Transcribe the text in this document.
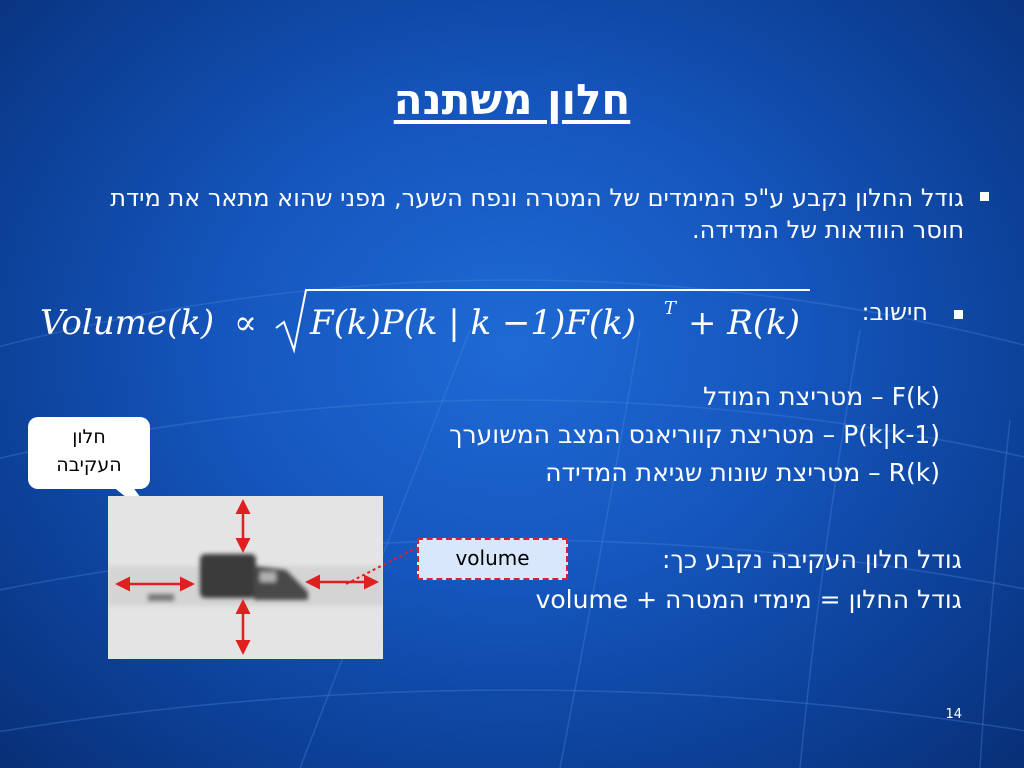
חלון משתנה
גודל החלון נקבע ע"פ המימדים של המטרה ונפח השער, מפני שהוא מתאר את מידת חוסר הוודאות של המדידה.
חישוב:
Volume(k) ∝ F(k)P(k | k −1)F(k) T + R(k)
F(k) – מטריצת המודל
P(k|k-1) – מטריצת קווריאנס המצב המשוערך
R(k) – מטריצת שונות שגיאת המדידה
גודל חלון העקיבה נקבע כך:
גודל החלון = מימדי המטרה + volume
חלון
העקיבה
volume
14
